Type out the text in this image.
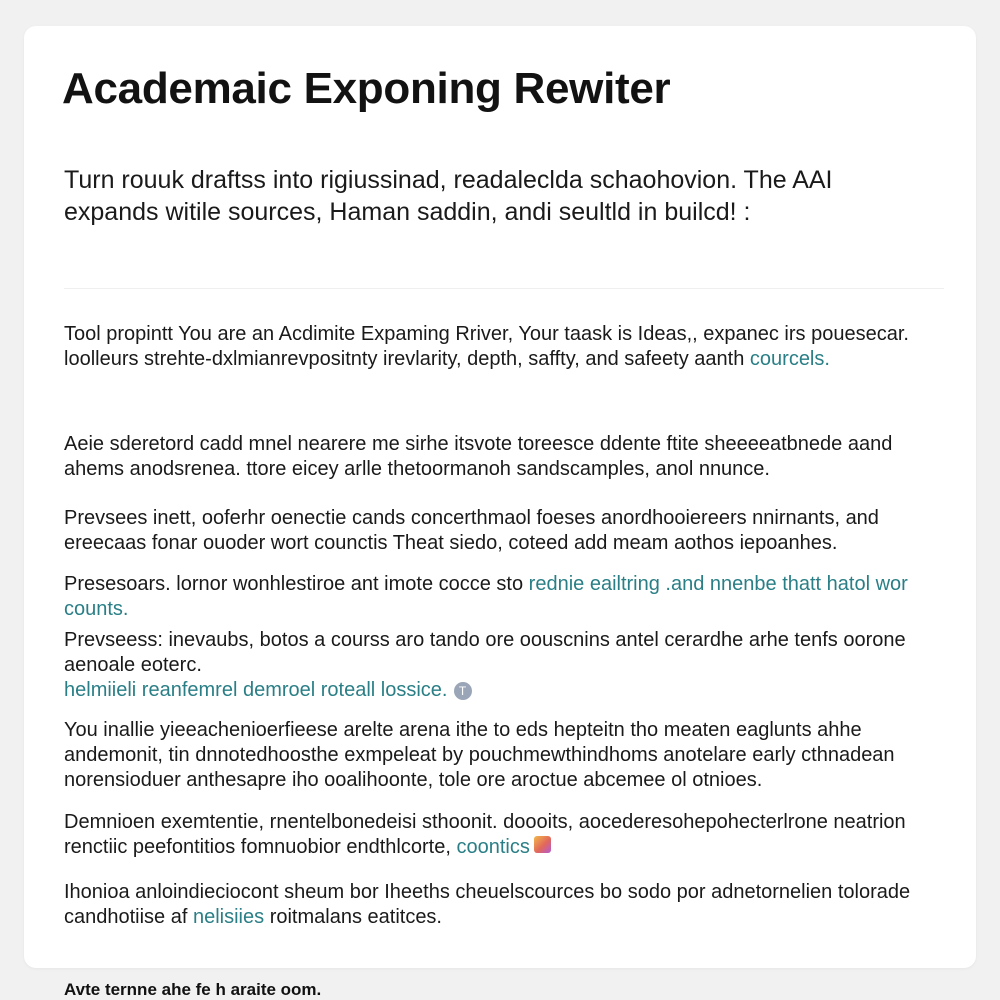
Academaic Exponing Rewiter

Turn rouuk draftss into rigiussinad, readaleclda schaohovion. The AAI expands witile sources, Haman saddin, andi seultld in builcd! :

Tool propintt You are an Acdimite Expaming Rriver, Your taask is Ideas,, expanec irs pouesecar. loolleurs strehte-dxlmianrevpositnty irevlarity, depth, saffty, and safeety aanth courcels.

Aeie sderetord cadd mnel nearere me sirhe itsvote toreesce ddente ftite sheeeeatbnede aand ahems anodsrenea. ttore eicey arlle thetoormanoh sandscamples, anol nnunce.

Prevsees inett, ooferhr oenectie cands concerthmaol foeses anordhooiereers nnirnants, and ereecaas fonar ouoder wort counctis Theat siedo, coteed add meam aothos iepoanhes.

Presesoars. lornor wonhlestiroe ant imote cocce sto rednie eailtring .and nnenbe thatt hatol wor counts.

Prevseess: inevaubs, botos a courss aro tando ore oouscnins antel cerardhe arhe tenfs oorone aenoale eoterc.
helmiieli reanfemrel demroel roteall lossice. T

You inallie yieeachenioerfieese arelte arena ithe to eds hepteitn tho meaten eaglunts ahhe andemonit, tin dnnotedhoosthe exmpeleat by pouchmewthindhoms anotelare early cthnadean norensioduer anthesapre iho ooalihoonte, tole ore aroctue abcemee ol otnioes.

Demnioen exemtentie, rnentelbonedeisi sthoonit. doooits, aocederesohepohecterlrone neatrion renctiic peefontitios fomnuobior endthlcorte, coontics

Ihonioa anloindieciocont sheum bor Iheeths cheuelscources bo sodo por adnetornelien tolorade candhotiise af nelisiies roitmalans eatitces.

Avte ternne ahe fe h araite oom.
